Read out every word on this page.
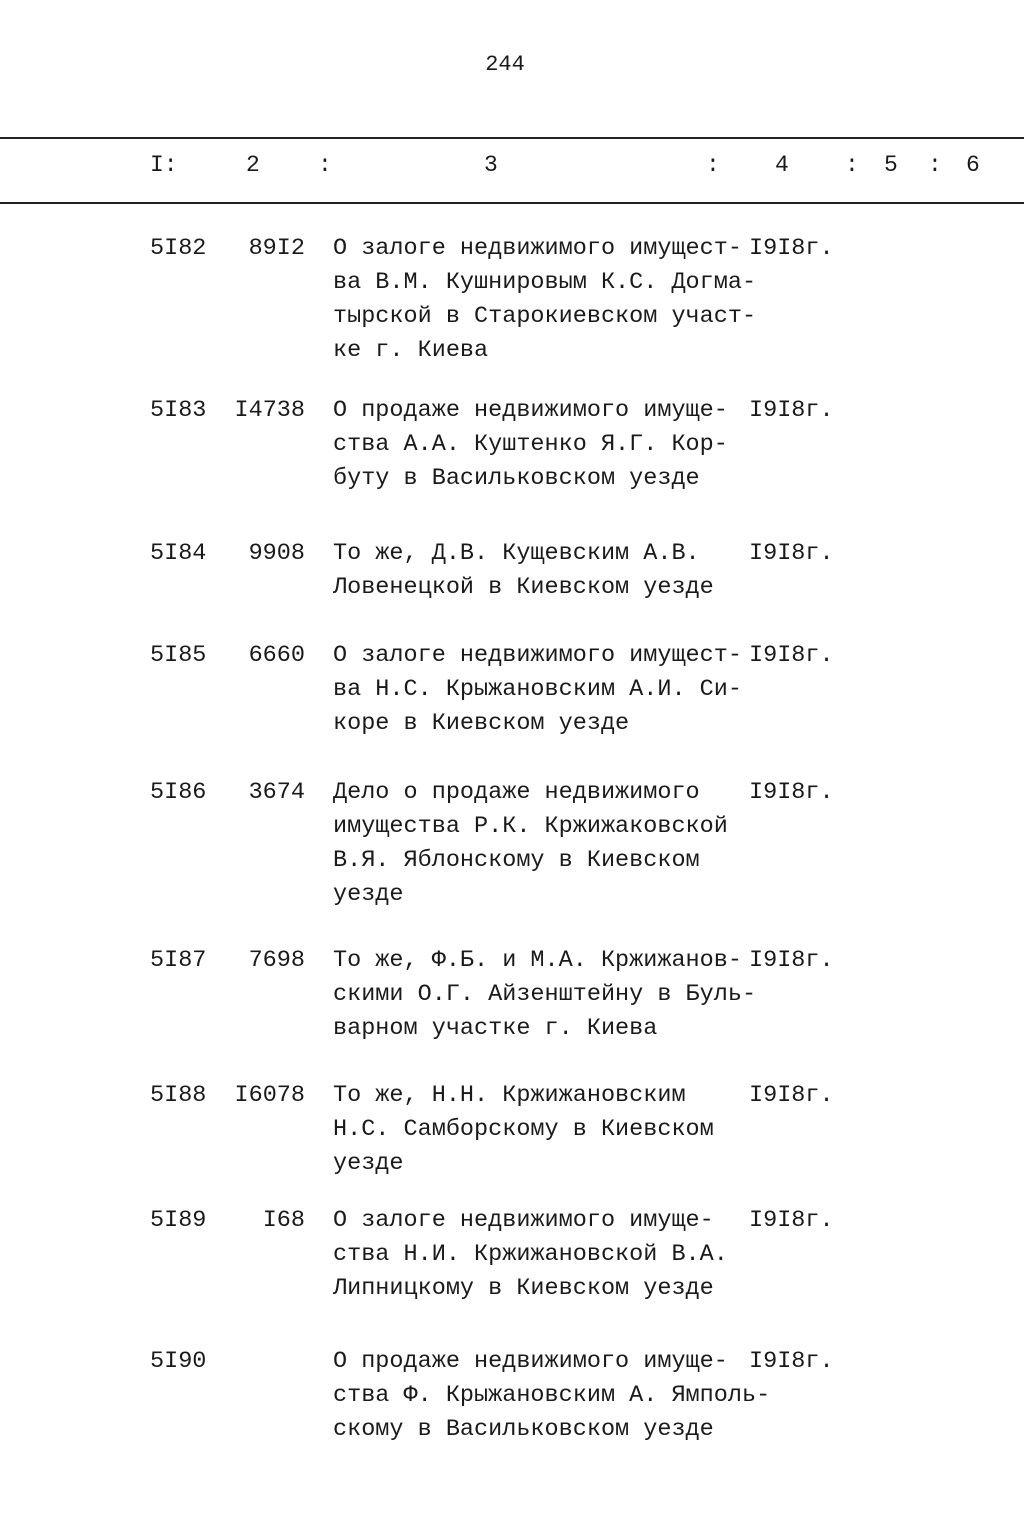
244
I:	2	:	3	: 4 : 5 : 6
5I82 89I2 О залоге недвижимого имущест-
ва В.М. Кушнировым К.С. Догма-
тырской в Старокиевском участ-
ке г. Киева
I9I8г.
5I83 I4738 О продаже недвижимого имуще-
ства А.А. Куштенко Я.Г. Кор-
буту в Васильковском уезде
I9I8г.
5I84 9908 То же, Д.В. Кущевским А.В.
Ловенецкой в Киевском уезде
I9I8г.
5I85 6660 О залоге недвижимого имущест-
ва Н.С. Крыжановским А.И. Си-
коре в Киевском уезде
I9I8г.
5I86 3674 Дело о продаже недвижимого
имущества Р.К. Кржижаковской
В.Я. Яблонскому в Киевском
уезде
I9I8г.
5I87 7698 То же, Ф.Б. и М.А. Кржижанов-
скими О.Г. Айзенштейну в Буль-
варном участке г. Киева
I9I8г.
5I88 I6078 То же, Н.Н. Кржижановским
Н.С. Самборскому в Киевском
уезде
I9I8г.
5I89 I68 О залоге недвижимого имуще-
ства Н.И. Кржижановской В.А.
Липницкому в Киевском уезде
I9I8г.
5I90	О продаже недвижимого имуще-
ства Ф. Крыжановским А. Ямполь-
скому в Васильковском уезде
I9I8г.
